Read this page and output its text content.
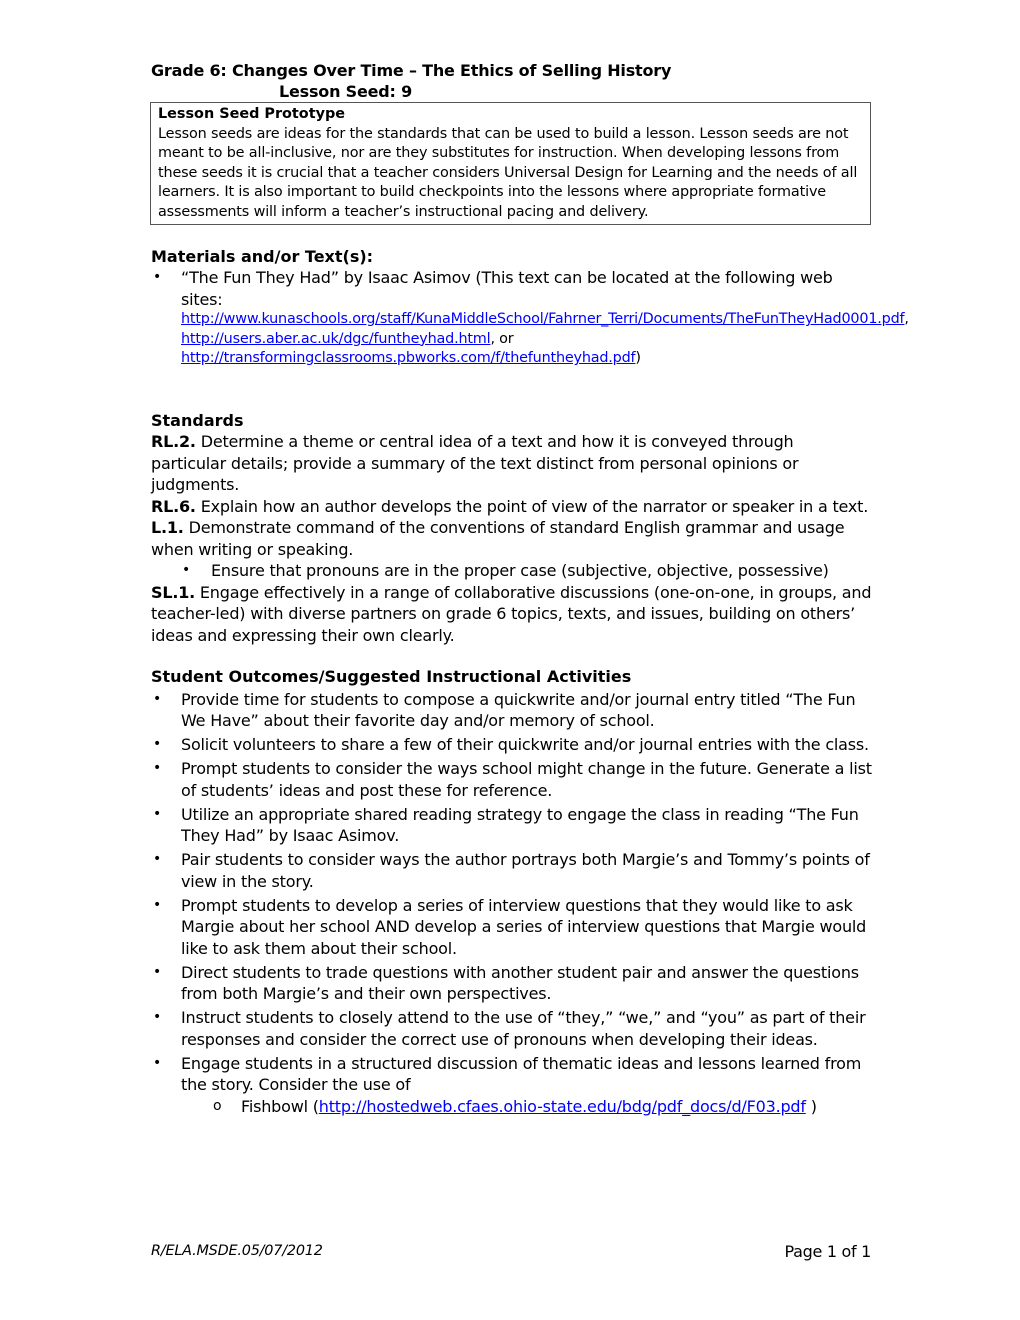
Grade 6: Changes Over Time – The Ethics of Selling History
Lesson Seed: 9
Lesson Seed Prototype
Lesson seeds are ideas for the standards that can be used to build a lesson. Lesson seeds are not meant to be all-inclusive, nor are they substitutes for instruction. When developing lessons from these seeds it is crucial that a teacher considers Universal Design for Learning and the needs of all learners. It is also important to build checkpoints into the lessons where appropriate formative assessments will inform a teacher’s instructional pacing and delivery.
Materials and/or Text(s):
• “The Fun They Had” by Isaac Asimov (This text can be located at the following web sites:
http://www.kunaschools.org/staff/KunaMiddleSchool/Fahrner_Terri/Documents/TheFunTheyHad0001.pdf, http://users.aber.ac.uk/dgc/funtheyhad.html, or http://transformingclassrooms.pbworks.com/f/thefuntheyhad.pdf)
Standards
RL.2. Determine a theme or central idea of a text and how it is conveyed through particular details; provide a summary of the text distinct from personal opinions or judgments.
RL.6. Explain how an author develops the point of view of the narrator or speaker in a text.
L.1. Demonstrate command of the conventions of standard English grammar and usage when writing or speaking.
• Ensure that pronouns are in the proper case (subjective, objective, possessive)
SL.1. Engage effectively in a range of collaborative discussions (one-on-one, in groups, and teacher-led) with diverse partners on grade 6 topics, texts, and issues, building on others’ ideas and expressing their own clearly.
Student Outcomes/Suggested Instructional Activities
• Provide time for students to compose a quickwrite and/or journal entry titled “The Fun We Have” about their favorite day and/or memory of school.
• Solicit volunteers to share a few of their quickwrite and/or journal entries with the class.
• Prompt students to consider the ways school might change in the future. Generate a list of students’ ideas and post these for reference.
• Utilize an appropriate shared reading strategy to engage the class in reading “The Fun They Had” by Isaac Asimov.
• Pair students to consider ways the author portrays both Margie’s and Tommy’s points of view in the story.
• Prompt students to develop a series of interview questions that they would like to ask Margie about her school AND develop a series of interview questions that Margie would like to ask them about their school.
• Direct students to trade questions with another student pair and answer the questions from both Margie’s and their own perspectives.
• Instruct students to closely attend to the use of “they,” “we,” and “you” as part of their responses and consider the correct use of pronouns when developing their ideas.
• Engage students in a structured discussion of thematic ideas and lessons learned from the story. Consider the use of
o Fishbowl (http://hostedweb.cfaes.ohio-state.edu/bdg/pdf_docs/d/F03.pdf )
R/ELA.MSDE.05/07/2012	Page 1 of 1
